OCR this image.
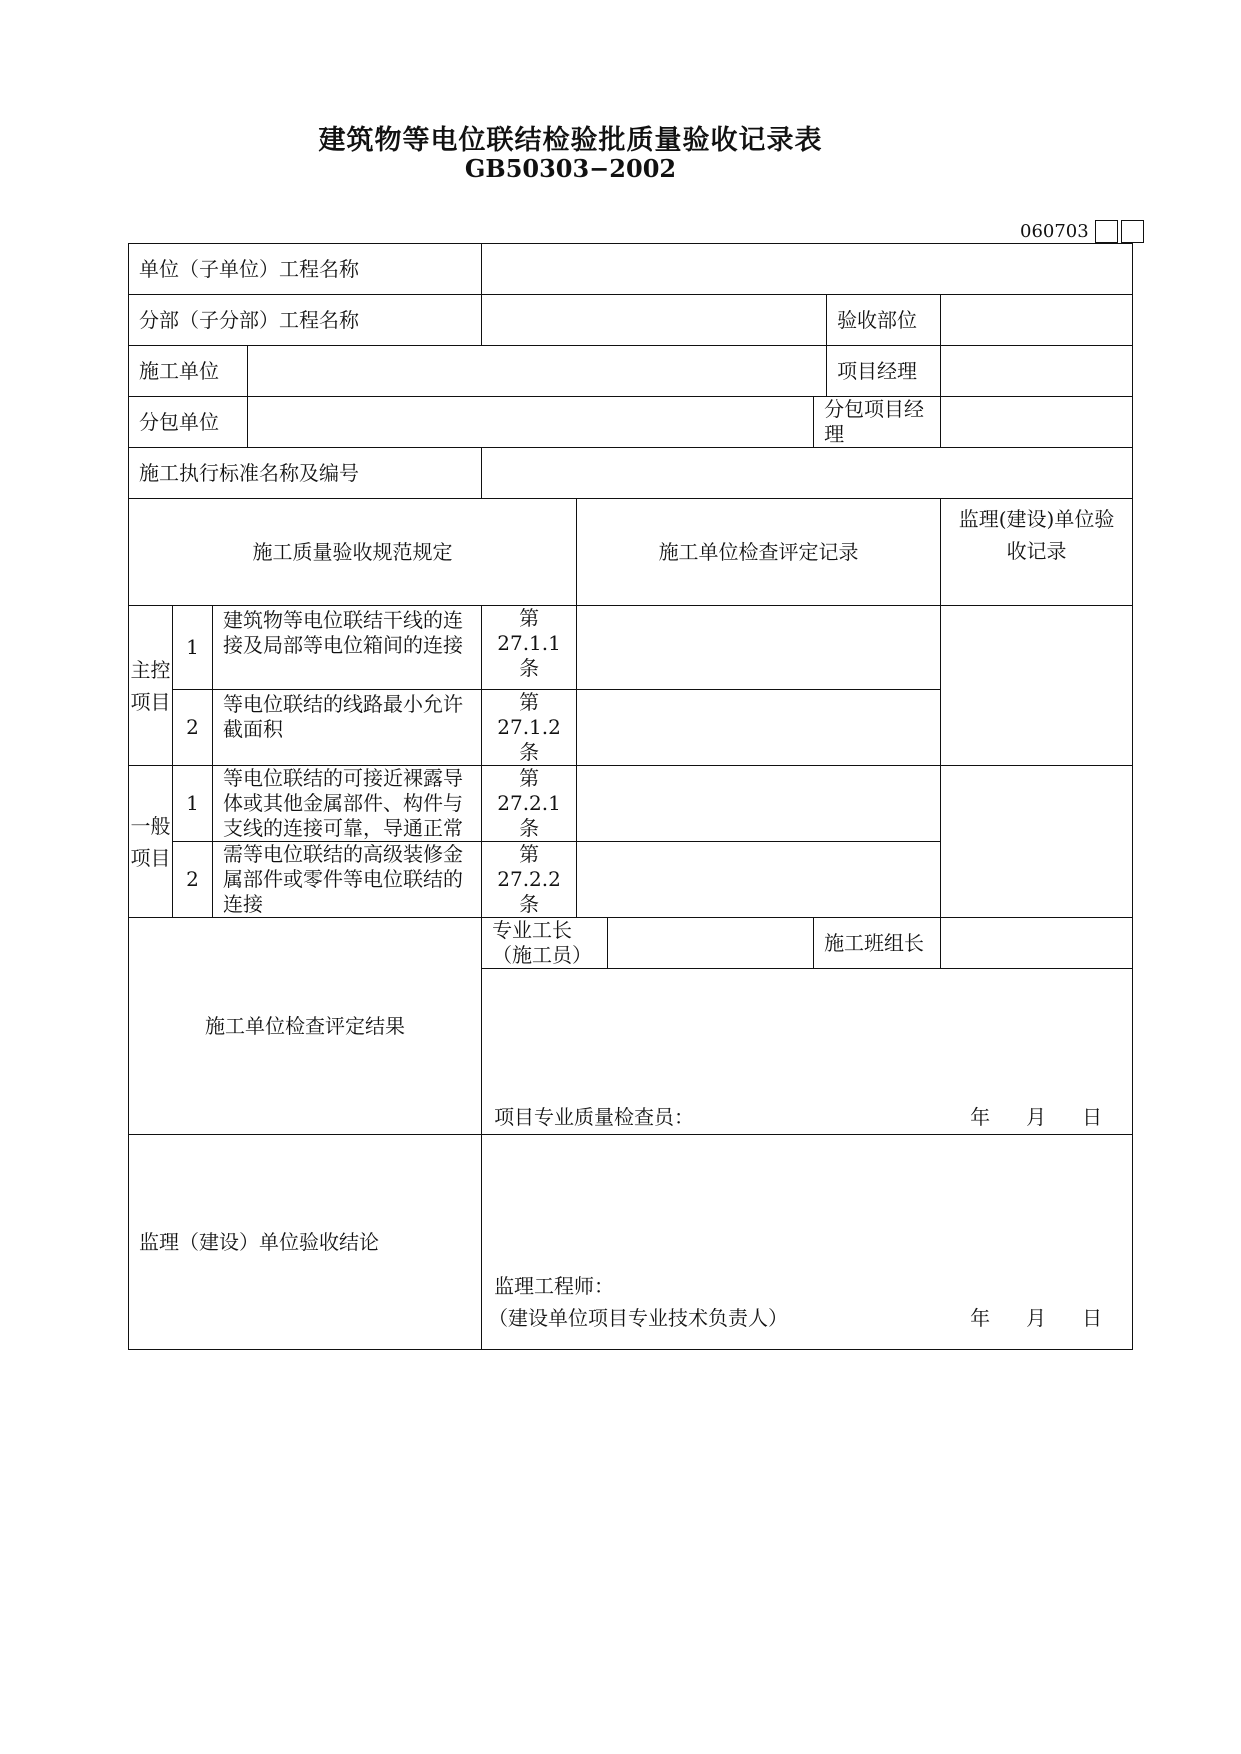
建筑物等电位联结检验批质量验收记录表
GB50303−2002
060703
单位（子单位）工程名称									
分部（子分部）工程名称								验收部位	
施工单位								项目经理	
分包单位							分包项目经理		
施工执行标准名称及编号									
施工质量验收规范规定					施工单位检查评定记录				监理(建设)单位验收记录
主控项目	1	建筑物等电位联结干线的连接及局部等电位箱间的连接		第 27.1.1 条					
	2	等电位联结的线路最小允许截面积		第 27.1.2 条					
一般项目	1	等电位联结的可接近裸露导体或其他金属部件、构件与支线的连接可靠，导通正常		第 27.2.1 条					
	2	需等电位联结的高级装修金属部件或零件等电位联结的连接		第 27.2.2 条					
施工单位检查评定结果				专业工长（施工员）			施工班组长		

				项目专业质量检查员： 年 月 日					

监理（建设）单位验收结论				监理工程师：
（建设单位项目专业技术负责人） 年 月 日					
